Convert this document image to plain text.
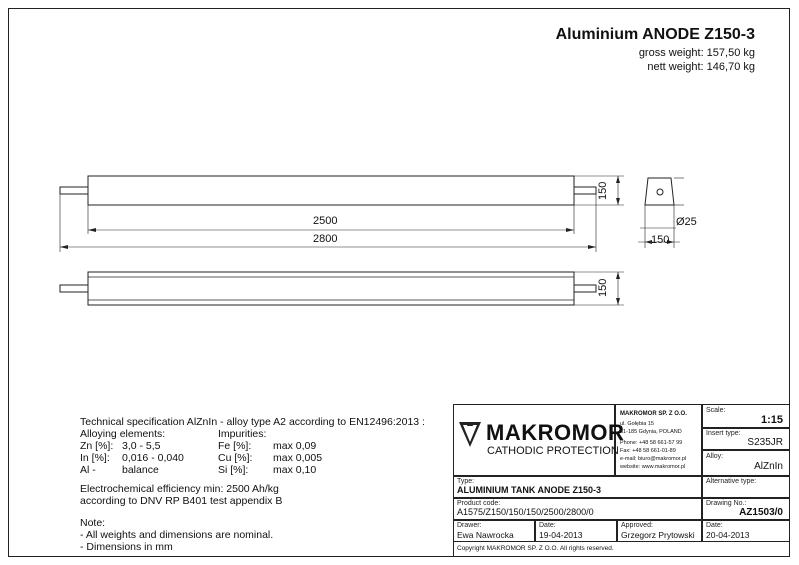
Aluminium ANODE Z150-3
gross weight: 157,50 kg
nett weight: 146,70 kg
2500
2800
150
150
150
Ø25
Technical specification AlZnIn - alloy type A2 according to EN12496:2013 :
Alloying elements:	Impurities:
Zn [%]: 3,0 - 5,5
In [%]: 0,016 - 0,040
Al -	balance
Fe [%]: max 0,09
Cu [%]: max 0,005
Si [%]: max 0,10
Electrochemical efficiency min: 2500 Ah/kg
according to DNV RP B401 test appendix B
Note:
- All weights and dimensions are nominal.
- Dimensions in mm
MAKROMOR
CATHODIC PROTECTION
MAKROMOR SP. Z O.O.
ul. Gołębia 15
81-185 Gdynia, POLAND
Phone: +48 58 661-57 99
Fax: +48 58 661-01-89
e-mail: biuro@makromor.pl
website: www.makromor.pl
Scale:
1:15
Insert type:
S235JR
Alloy:
AlZnIn
Type:
ALUMINIUM TANK ANODE Z150-3
Alternative type:
Product code:
A1575/Z150/150/150/2500/2800/0
Drawing No.:
AZ1503/0
Drawer:
Ewa Nawrocka
Date:
19-04-2013
Approved:
Grzegorz Prytowski
Date:
20-04-2013
Copyright MAKROMOR SP. Z O.O. All rights reserved.
